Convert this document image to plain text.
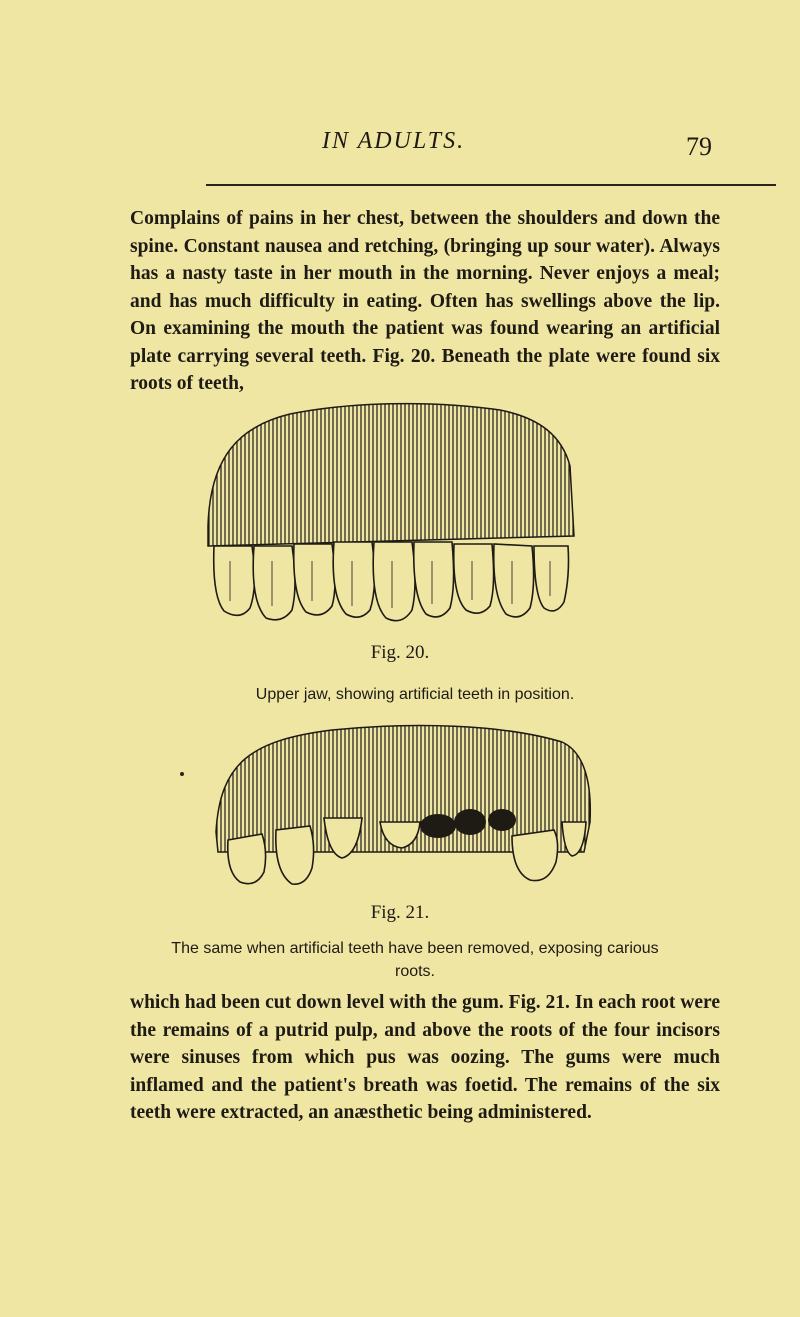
IN ADULTS.	79

Complains of pains in her chest, between the shoulders and down the spine. Constant nausea and retching, (bringing up sour water). Always has a nasty taste in her mouth in the morning. Never enjoys a meal; and has much difficulty in eating. Often has swellings above the lip. On examining the mouth the patient was found wearing an artificial plate carrying several teeth. Fig. 20. Beneath the plate were found six roots of teeth,

Fig. 20.
Upper jaw, showing artificial teeth in position.
Fig. 21.
The same when artificial teeth have been removed, exposing carious roots.

which had been cut down level with the gum. Fig. 21. In each root were the remains of a putrid pulp, and above the roots of the four incisors were sinuses from which pus was oozing. The gums were much inflamed and the patient's breath was foetid. The remains of the six teeth were extracted, an anæsthetic being administered.
